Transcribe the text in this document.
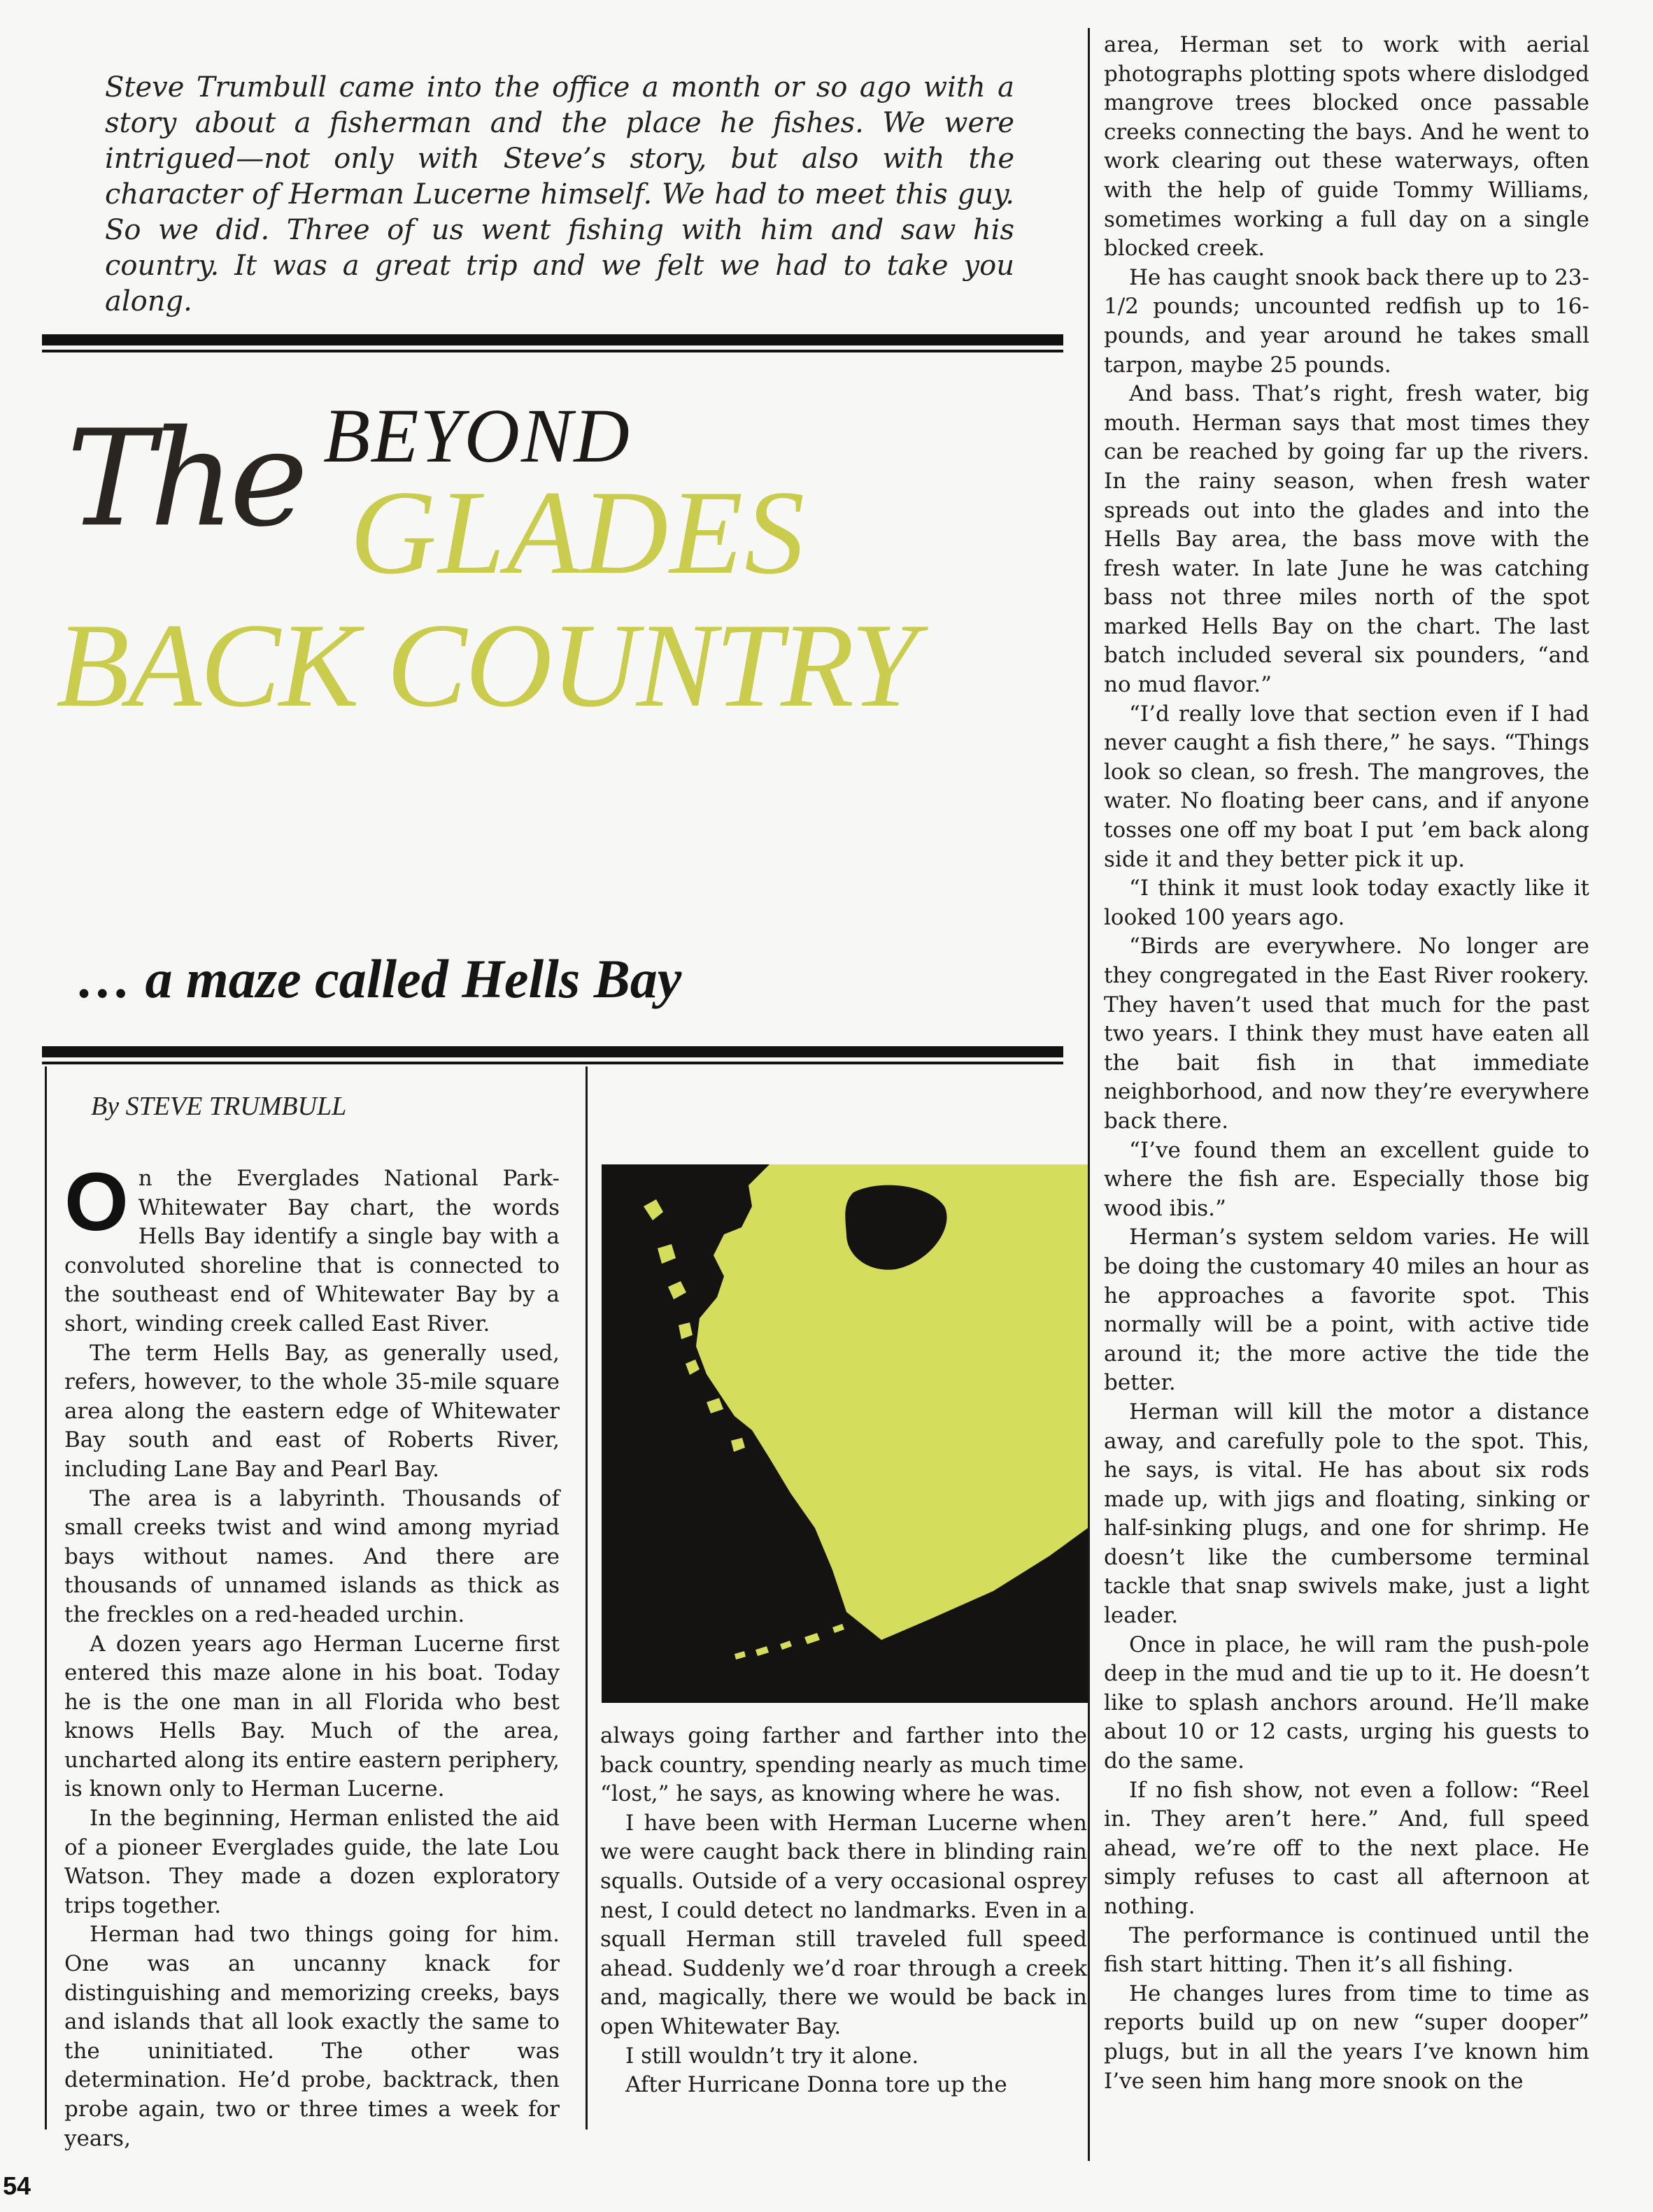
Steve Trumbull came into the office a month or so ago with a story about a fisherman and the place he fishes. We were intrigued—not only with Steve’s story, but also with the character of Herman Lucerne himself. We had to meet this guy. So we did. Three of us went fishing with him and saw his country. It was a great trip and we felt we had to take you along.
The BEYOND
GLADES
BACK COUNTRY
… a maze called Hells Bay
By STEVE TRUMBULL

On the Everglades National Park-Whitewater Bay chart, the words Hells Bay identify a single bay with a convoluted shoreline that is connected to the southeast end of Whitewater Bay by a short, winding creek called East River.

The term Hells Bay, as generally used, refers, however, to the whole 35-mile square area along the eastern edge of Whitewater Bay south and east of Roberts River, including Lane Bay and Pearl Bay.

The area is a labyrinth. Thousands of small creeks twist and wind among myriad bays without names. And there are thousands of unnamed islands as thick as the freckles on a red-headed urchin.

A dozen years ago Herman Lucerne first entered this maze alone in his boat. Today he is the one man in all Florida who best knows Hells Bay. Much of the area, uncharted along its entire eastern periphery, is known only to Herman Lucerne.

In the beginning, Herman enlisted the aid of a pioneer Everglades guide, the late Lou Watson. They made a dozen exploratory trips together.

Herman had two things going for him. One was an uncanny knack for distinguishing and memorizing creeks, bays and islands that all look exactly the same to the uninitiated. The other was determination. He’d probe, backtrack, then probe again, two or three times a week for years,

always going farther and farther into the back country, spending nearly as much time “lost,” he says, as knowing where he was.

I have been with Herman Lucerne when we were caught back there in blinding rain squalls. Outside of a very occasional osprey nest, I could detect no landmarks. Even in a squall Herman still traveled full speed ahead. Suddenly we’d roar through a creek and, magically, there we would be back in open Whitewater Bay.

I still wouldn’t try it alone.

After Hurricane Donna tore up the

area, Herman set to work with aerial photographs plotting spots where dislodged mangrove trees blocked once passable creeks connecting the bays. And he went to work clearing out these waterways, often with the help of guide Tommy Williams, sometimes working a full day on a single blocked creek.

He has caught snook back there up to 23-1/2 pounds; uncounted redfish up to 16-pounds, and year around he takes small tarpon, maybe 25 pounds.

And bass. That’s right, fresh water, big mouth. Herman says that most times they can be reached by going far up the rivers. In the rainy season, when fresh water spreads out into the glades and into the Hells Bay area, the bass move with the fresh water. In late June he was catching bass not three miles north of the spot marked Hells Bay on the chart. The last batch included several six pounders, “and no mud flavor.”

“I’d really love that section even if I had never caught a fish there,” he says. “Things look so clean, so fresh. The mangroves, the water. No floating beer cans, and if anyone tosses one off my boat I put ’em back along side it and they better pick it up.

“I think it must look today exactly like it looked 100 years ago.

“Birds are everywhere. No longer are they congregated in the East River rookery. They haven’t used that much for the past two years. I think they must have eaten all the bait fish in that immediate neighborhood, and now they’re everywhere back there.

“I’ve found them an excellent guide to where the fish are. Especially those big wood ibis.”

Herman’s system seldom varies. He will be doing the customary 40 miles an hour as he approaches a favorite spot. This normally will be a point, with active tide around it; the more active the tide the better.

Herman will kill the motor a distance away, and carefully pole to the spot. This, he says, is vital. He has about six rods made up, with jigs and floating, sinking or half-sinking plugs, and one for shrimp. He doesn’t like the cumbersome terminal tackle that snap swivels make, just a light leader.

Once in place, he will ram the push-pole deep in the mud and tie up to it. He doesn’t like to splash anchors around. He’ll make about 10 or 12 casts, urging his guests to do the same.

If no fish show, not even a follow: “Reel in. They aren’t here.” And, full speed ahead, we’re off to the next place. He simply refuses to cast all afternoon at nothing.

The performance is continued until the fish start hitting. Then it’s all fishing.

He changes lures from time to time as reports build up on new “super dooper” plugs, but in all the years I’ve known him I’ve seen him hang more snook on the

54
